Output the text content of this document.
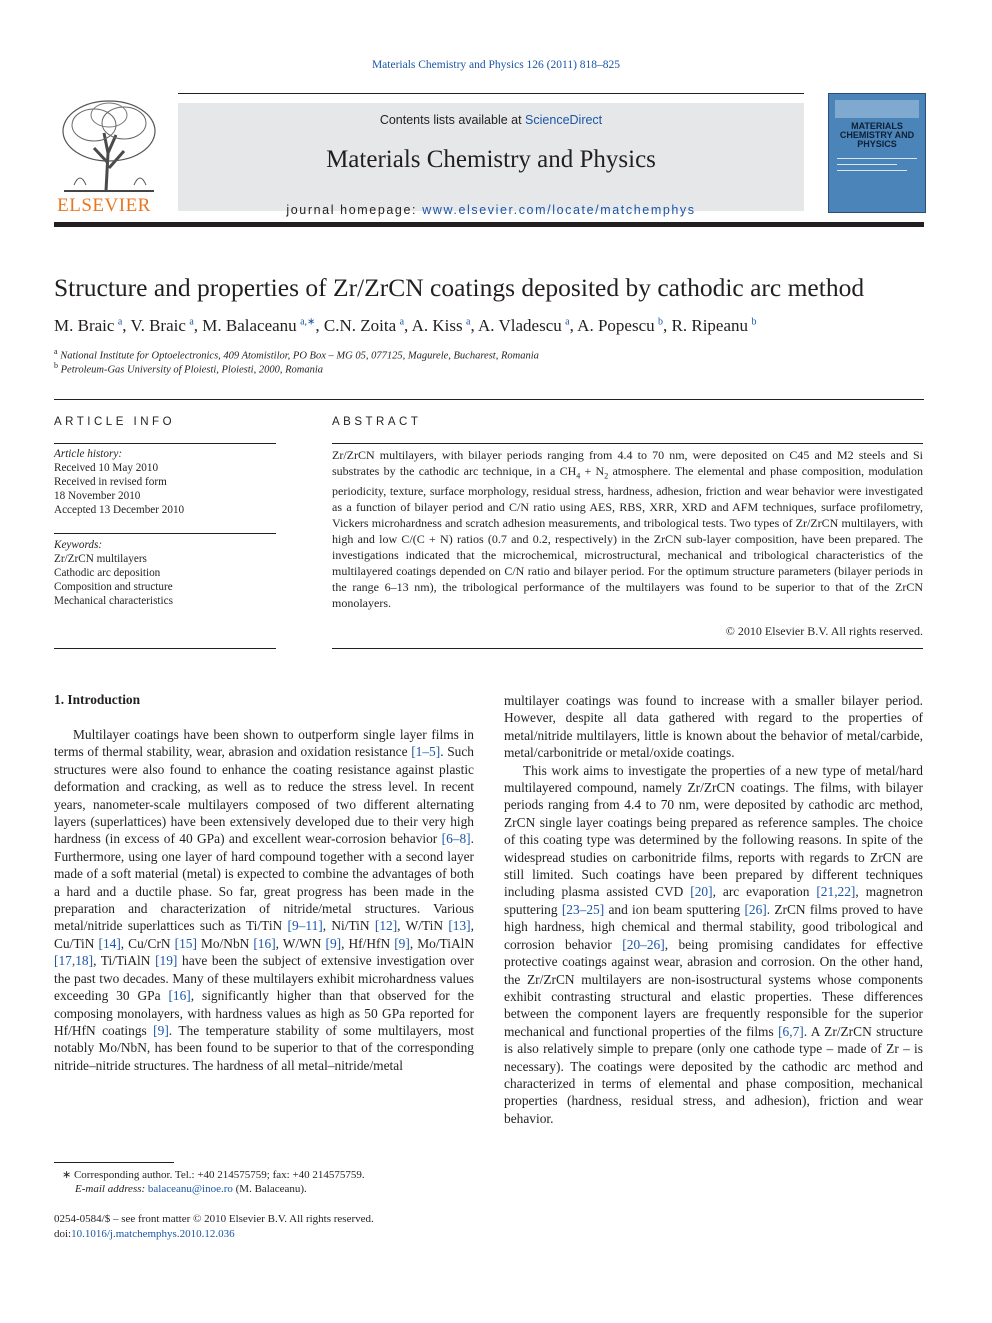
Materials Chemistry and Physics 126 (2011) 818–825
ELSEVIER
Contents lists available at ScienceDirect
Materials Chemistry and Physics
journal homepage: www.elsevier.com/locate/matchemphys
MATERIALS CHEMISTRY AND PHYSICS
Structure and properties of Zr/ZrCN coatings deposited by cathodic arc method
M. Braic  $^a$, V. Braic  $^a$, M. Balaceanu  $^{a,∗}$, C.N. Zoita  $^a$, A. Kiss  $^a$, A. Vladescu  $^a$, A. Popescu  $^b$, R. Ripeanu  $^b$
$^a$ National Institute for Optoelectronics, 409 Atomistilor, PO Box – MG 05, 077125, Magurele, Bucharest, Romania
$^b$ Petroleum-Gas University of Ploiesti, Ploiesti, 2000, Romania
ARTICLE INFO
Article history:
Received 10 May 2010
Received in revised form
18 November 2010
Accepted 13 December 2010
Keywords:
Zr/ZrCN multilayers
Cathodic arc deposition
Composition and structure
Mechanical characteristics
ABSTRACT
Zr/ZrCN multilayers, with bilayer periods ranging from 4.4 to 70 nm, were deposited on C45 and M2 steels and Si substrates by the cathodic arc technique, in a $CH_4 + N_2$ atmosphere. The elemental and phase composition, modulation periodicity, texture, surface morphology, residual stress, hardness, adhesion, friction and wear behavior were investigated as a function of bilayer period and C/N ratio using AES, RBS, XRR, XRD and AFM techniques, surface profilometry, Vickers microhardness and scratch adhesion measurements, and tribological tests. Two types of Zr/ZrCN multilayers, with high and low C/(C + N) ratios (0.7 and 0.2, respectively) in the ZrCN sub-layer composition, have been prepared. The investigations indicated that the microchemical, microstructural, mechanical and tribological characteristics of the multilayered coatings depended on C/N ratio and bilayer period. For the optimum structure parameters (bilayer periods in the range 6–13 nm), the tribological performance of the multilayers was found to be superior to that of the ZrCN monolayers.
© 2010 Elsevier B.V. All rights reserved.
1. Introduction

Multilayer coatings have been shown to outperform single layer films in terms of thermal stability, wear, abrasion and oxidation resistance [1–5]. Such structures were also found to enhance the coating resistance against plastic deformation and cracking, as well as to reduce the stress level. In recent years, nanometer-scale multilayers composed of two different alternating layers (superlattices) have been extensively developed due to their very high hardness (in excess of 40 GPa) and excellent wear-corrosion behavior [6–8]. Furthermore, using one layer of hard compound together with a second layer made of a soft material (metal) is expected to combine the advantages of both a hard and a ductile phase. So far, great progress has been made in the preparation and characterization of nitride/metal structures. Various metal/nitride superlattices such as Ti/TiN [9–11], Ni/TiN [12], W/TiN [13], Cu/TiN [14], Cu/CrN [15] Mo/NbN [16], W/WN [9], Hf/HfN [9], Mo/TiAlN [17,18], Ti/TiAlN [19] have been the subject of extensive investigation over the past two decades. Many of these multilayers exhibit microhardness values exceeding 30 GPa [16], significantly higher than that observed for the composing monolayers, with hardness values as high as 50 GPa reported for Hf/HfN coatings [9]. The temperature stability of some multilayers, most notably Mo/NbN, has been found to be superior to that of the corresponding nitride–nitride structures. The hardness of all metal–nitride/metal

multilayer coatings was found to increase with a smaller bilayer period. However, despite all data gathered with regard to the properties of metal/nitride multilayers, little is known about the behavior of metal/carbide, metal/carbonitride or metal/oxide coatings.

This work aims to investigate the properties of a new type of metal/hard multilayered compound, namely Zr/ZrCN coatings. The films, with bilayer periods ranging from 4.4 to 70 nm, were deposited by cathodic arc method, ZrCN single layer coatings being prepared as reference samples. The choice of this coating type was determined by the following reasons. In spite of the widespread studies on carbonitride films, reports with regards to ZrCN are still limited. Such coatings have been prepared by different techniques including plasma assisted CVD [20], arc evaporation [21,22], magnetron sputtering [23–25] and ion beam sputtering [26]. ZrCN films proved to have high hardness, high chemical and thermal stability, good tribological and corrosion behavior [20–26], being promising candidates for effective protective coatings against wear, abrasion and corrosion. On the other hand, the Zr/ZrCN multilayers are non-isostructural systems whose components exhibit contrasting structural and elastic properties. These differences between the component layers are frequently responsible for the superior mechanical and functional properties of the films [6,7]. A Zr/ZrCN structure is also relatively simple to prepare (only one cathode type – made of Zr – is necessary). The coatings were deposited by the cathodic arc method and characterized in terms of elemental and phase composition, mechanical properties (hardness, residual stress, and adhesion), friction and wear behavior.

∗ Corresponding author. Tel.: +40 214575759; fax: +40 214575759.
E-mail address: balaceanu@inoe.ro (M. Balaceanu).
0254-0584/$ – see front matter © 2010 Elsevier B.V. All rights reserved.
doi:10.1016/j.matchemphys.2010.12.036
